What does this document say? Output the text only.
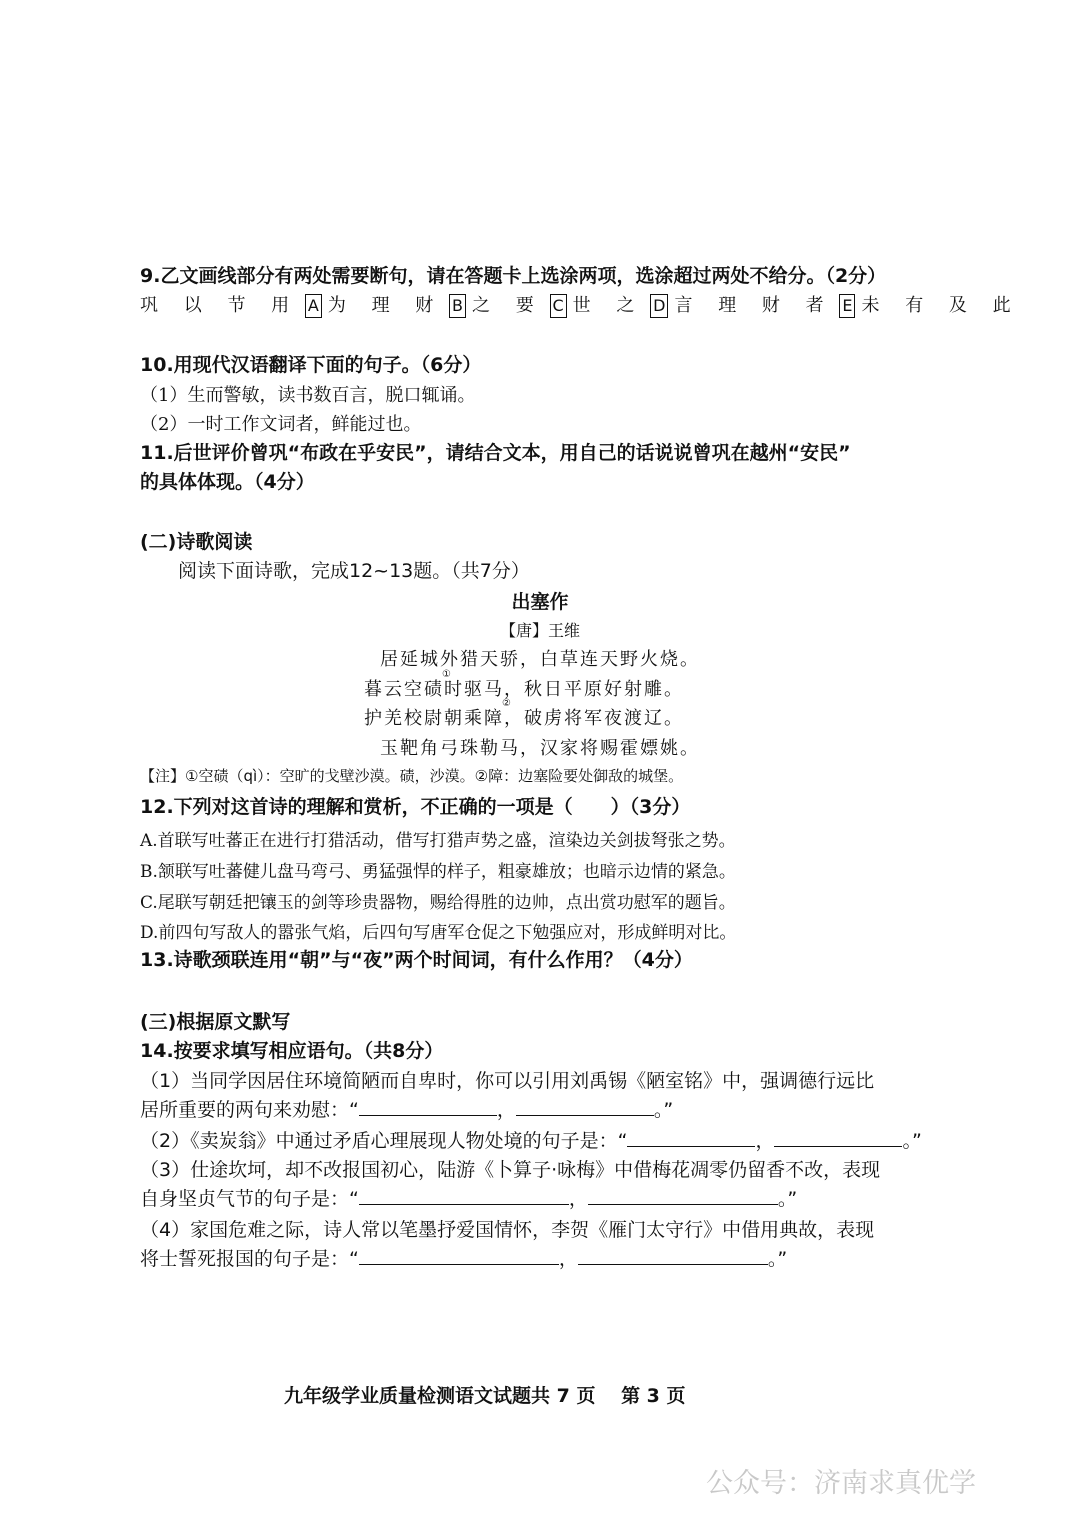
9.乙文画线部分有两处需要断句，请在答题卡上选涂两项，选涂超过两处不给分。（2分）
巩 以 节 用 A 为 理 财 B 之 要 C 世 之 D 言 理 财 者 E 未 有 及 此
10.用现代汉语翻译下面的句子。（6分）
（1）生而警敏，读书数百言，脱口辄诵。
（2）一时工作文词者，鲜能过也。
11.后世评价曾巩“布政在乎安民”，请结合文本，用自己的话说说曾巩在越州“安民”
的具体体现。（4分）
(二)诗歌阅读
阅读下面诗歌，完成12~13题。（共7分）
出塞作
【唐】王维
居延城外猎天骄，白草连天野火烧。
暮云空碛时驱马，秋日平原好射雕。
①
护羌校尉朝乘障，破虏将军夜渡辽。
②
玉靶角弓珠勒马，汉家将赐霍嫖姚。
【注】①空碛（qì）：空旷的戈壁沙漠。碛，沙漠。②障：边塞险要处御敌的城堡。
12.下列对这首诗的理解和赏析，不正确的一项是（　　）（3分）
A.首联写吐蕃正在进行打猎活动，借写打猎声势之盛，渲染边关剑拔弩张之势。
B.颔联写吐蕃健儿盘马弯弓、勇猛强悍的样子，粗豪雄放；也暗示边情的紧急。
C.尾联写朝廷把镶玉的剑等珍贵器物，赐给得胜的边帅，点出赏功慰军的题旨。
D.前四句写敌人的嚣张气焰，后四句写唐军仓促之下勉强应对，形成鲜明对比。
13.诗歌颈联连用“朝”与“夜”两个时间词，有什么作用？（4分）
(三)根据原文默写
14.按要求填写相应语句。（共8分）
（1）当同学因居住环境简陋而自卑时，你可以引用刘禹锡《陋室铭》中，强调德行远比
居所重要的两句来劝慰：“	，	。”
（2）《卖炭翁》中通过矛盾心理展现人物处境的句子是：“	，	。”
（3）仕途坎坷，却不改报国初心，陆游《卜算子·咏梅》中借梅花凋零仍留香不改，表现
自身坚贞气节的句子是：“	，	。”
（4）家国危难之际，诗人常以笔墨抒爱国情怀，李贺《雁门太守行》中借用典故，表现
将士誓死报国的句子是：“	，	。”
九年级学业质量检测语文试题共 7 页　 第 3 页
公众号：济南求真优学
